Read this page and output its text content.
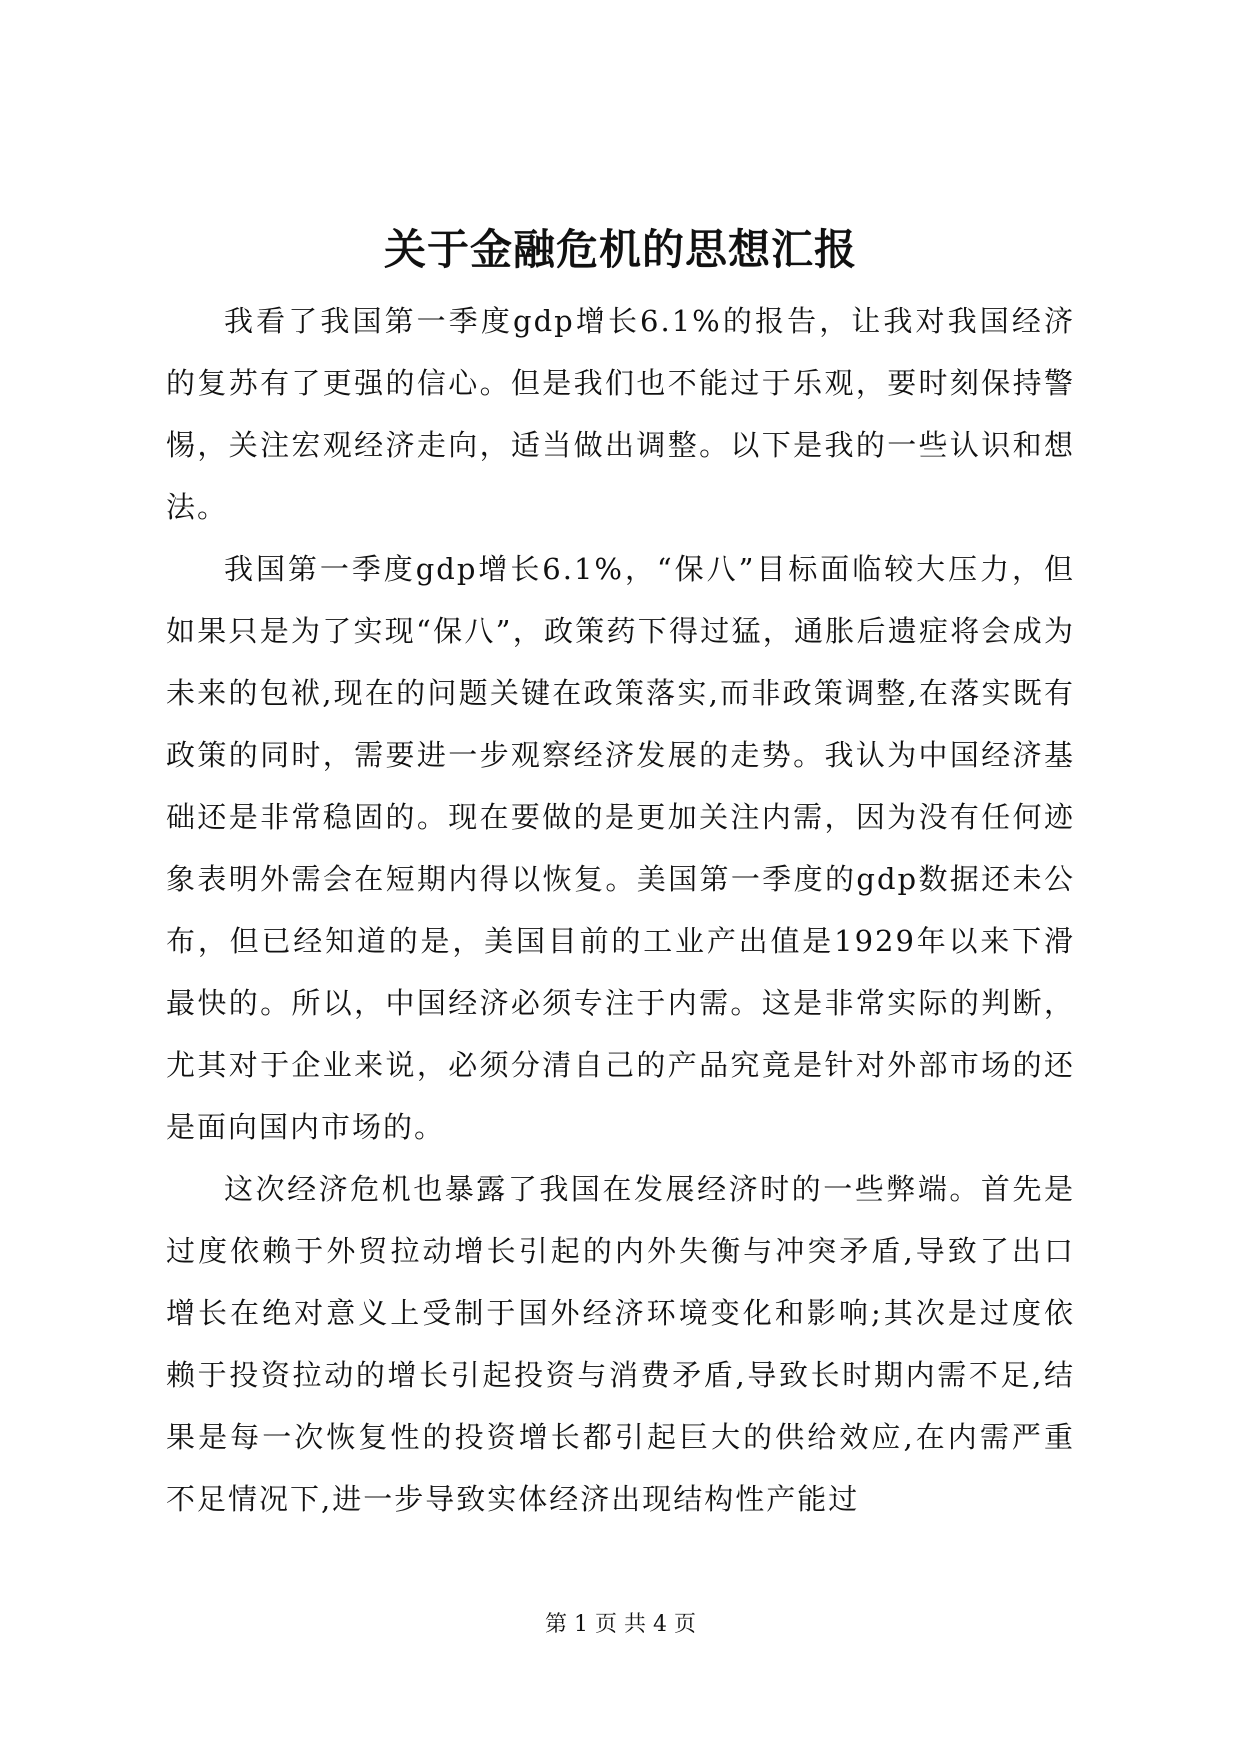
关于金融危机的思想汇报

我看了我国第一季度gdp增长6.1%的报告，让我对我国经济的复苏有了更强的信心。但是我们也不能过于乐观，要时刻保持警惕，关注宏观经济走向，适当做出调整。以下是我的一些认识和想法。

我国第一季度gdp增长6.1%，“保八”目标面临较大压力，但如果只是为了实现“保八”，政策药下得过猛，通胀后遗症将会成为未来的包袱,现在的问题关键在政策落实,而非政策调整,在落实既有政策的同时，需要进一步观察经济发展的走势。我认为中国经济基础还是非常稳固的。现在要做的是更加关注内需，因为没有任何迹象表明外需会在短期内得以恢复。美国第一季度的gdp数据还未公布，但已经知道的是，美国目前的工业产出值是1929年以来下滑最快的。所以，中国经济必须专注于内需。这是非常实际的判断，尤其对于企业来说，必须分清自己的产品究竟是针对外部市场的还是面向国内市场的。

这次经济危机也暴露了我国在发展经济时的一些弊端。首先是过度依赖于外贸拉动增长引起的内外失衡与冲突矛盾,导致了出口增长在绝对意义上受制于国外经济环境变化和影响;其次是过度依赖于投资拉动的增长引起投资与消费矛盾,导致长时期内需不足,结果是每一次恢复性的投资增长都引起巨大的供给效应,在内需严重不足情况下,进一步导致实体经济出现结构性产能过

第 1 页 共 4 页
